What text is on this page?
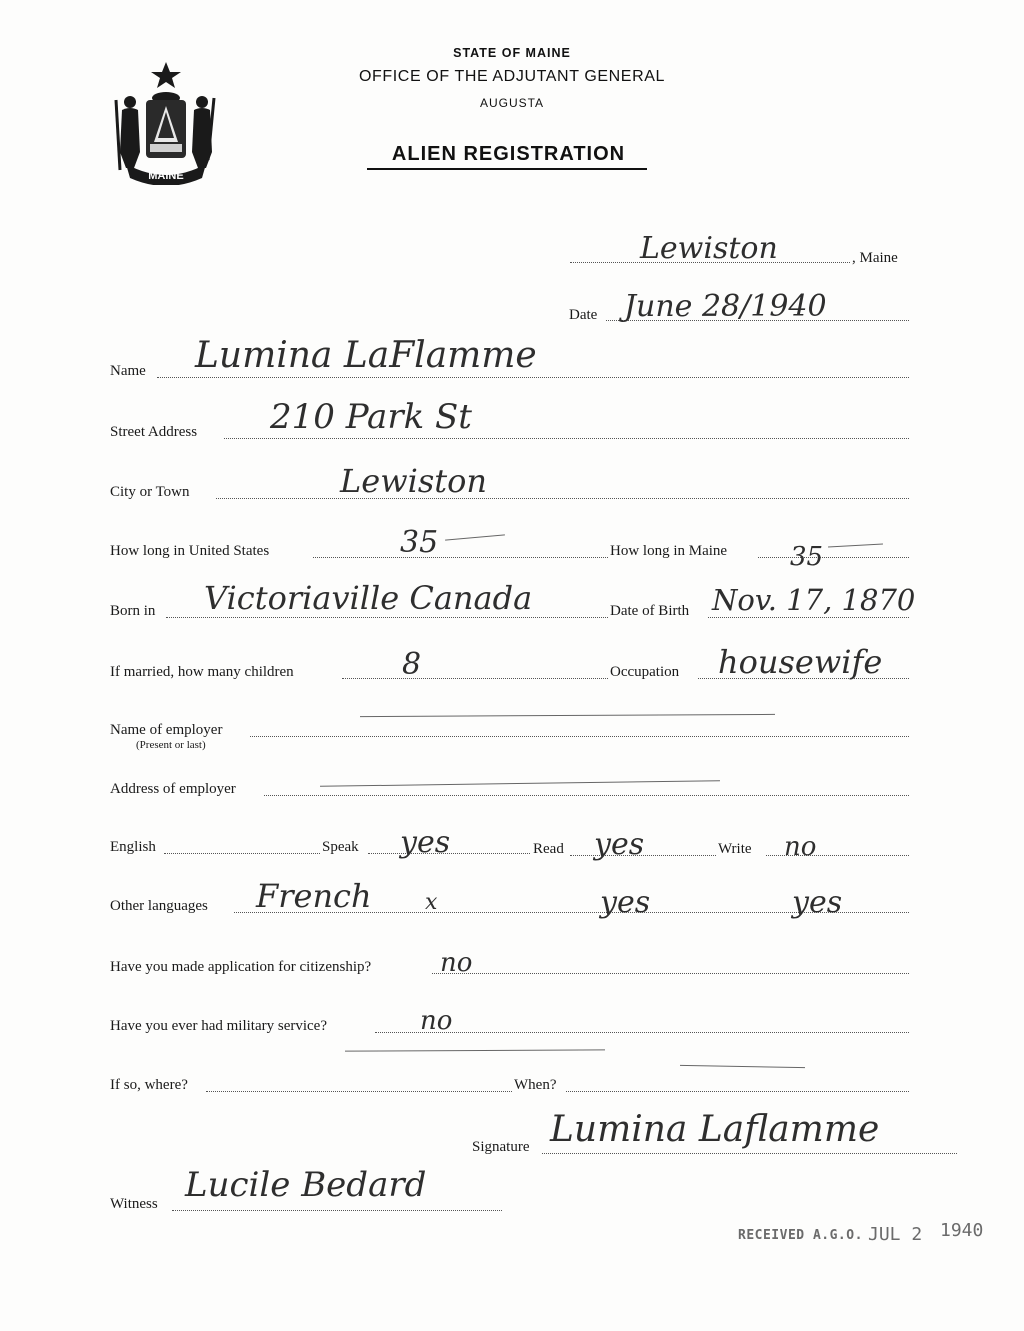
MAINE
STATE OF MAINE
OFFICE OF THE ADJUTANT GENERAL
AUGUSTA
ALIEN REGISTRATION
Lewiston	, Maine
Date June 28/1940
Name Lumina LaFlamme
Street Address 210 Park St
City or Town	Lewiston
How long in United States	35	How long in Maine 35
Born in Victoriaville Canada	Date of Birth Nov. 17, 1870
If married, how many children	8	Occupation housewife
Name of employer
(Present or last)
Address of employer
English	Speak yes	Read yes	Write no
Other languages French x	yes	yes
Have you made application for citizenship?	no
Have you ever had military service?	no
If so, where?	When?
Signature Lumina Laflamme
Witness Lucile Bedard
RECEIVED A.G.O. JUL 2 1940
